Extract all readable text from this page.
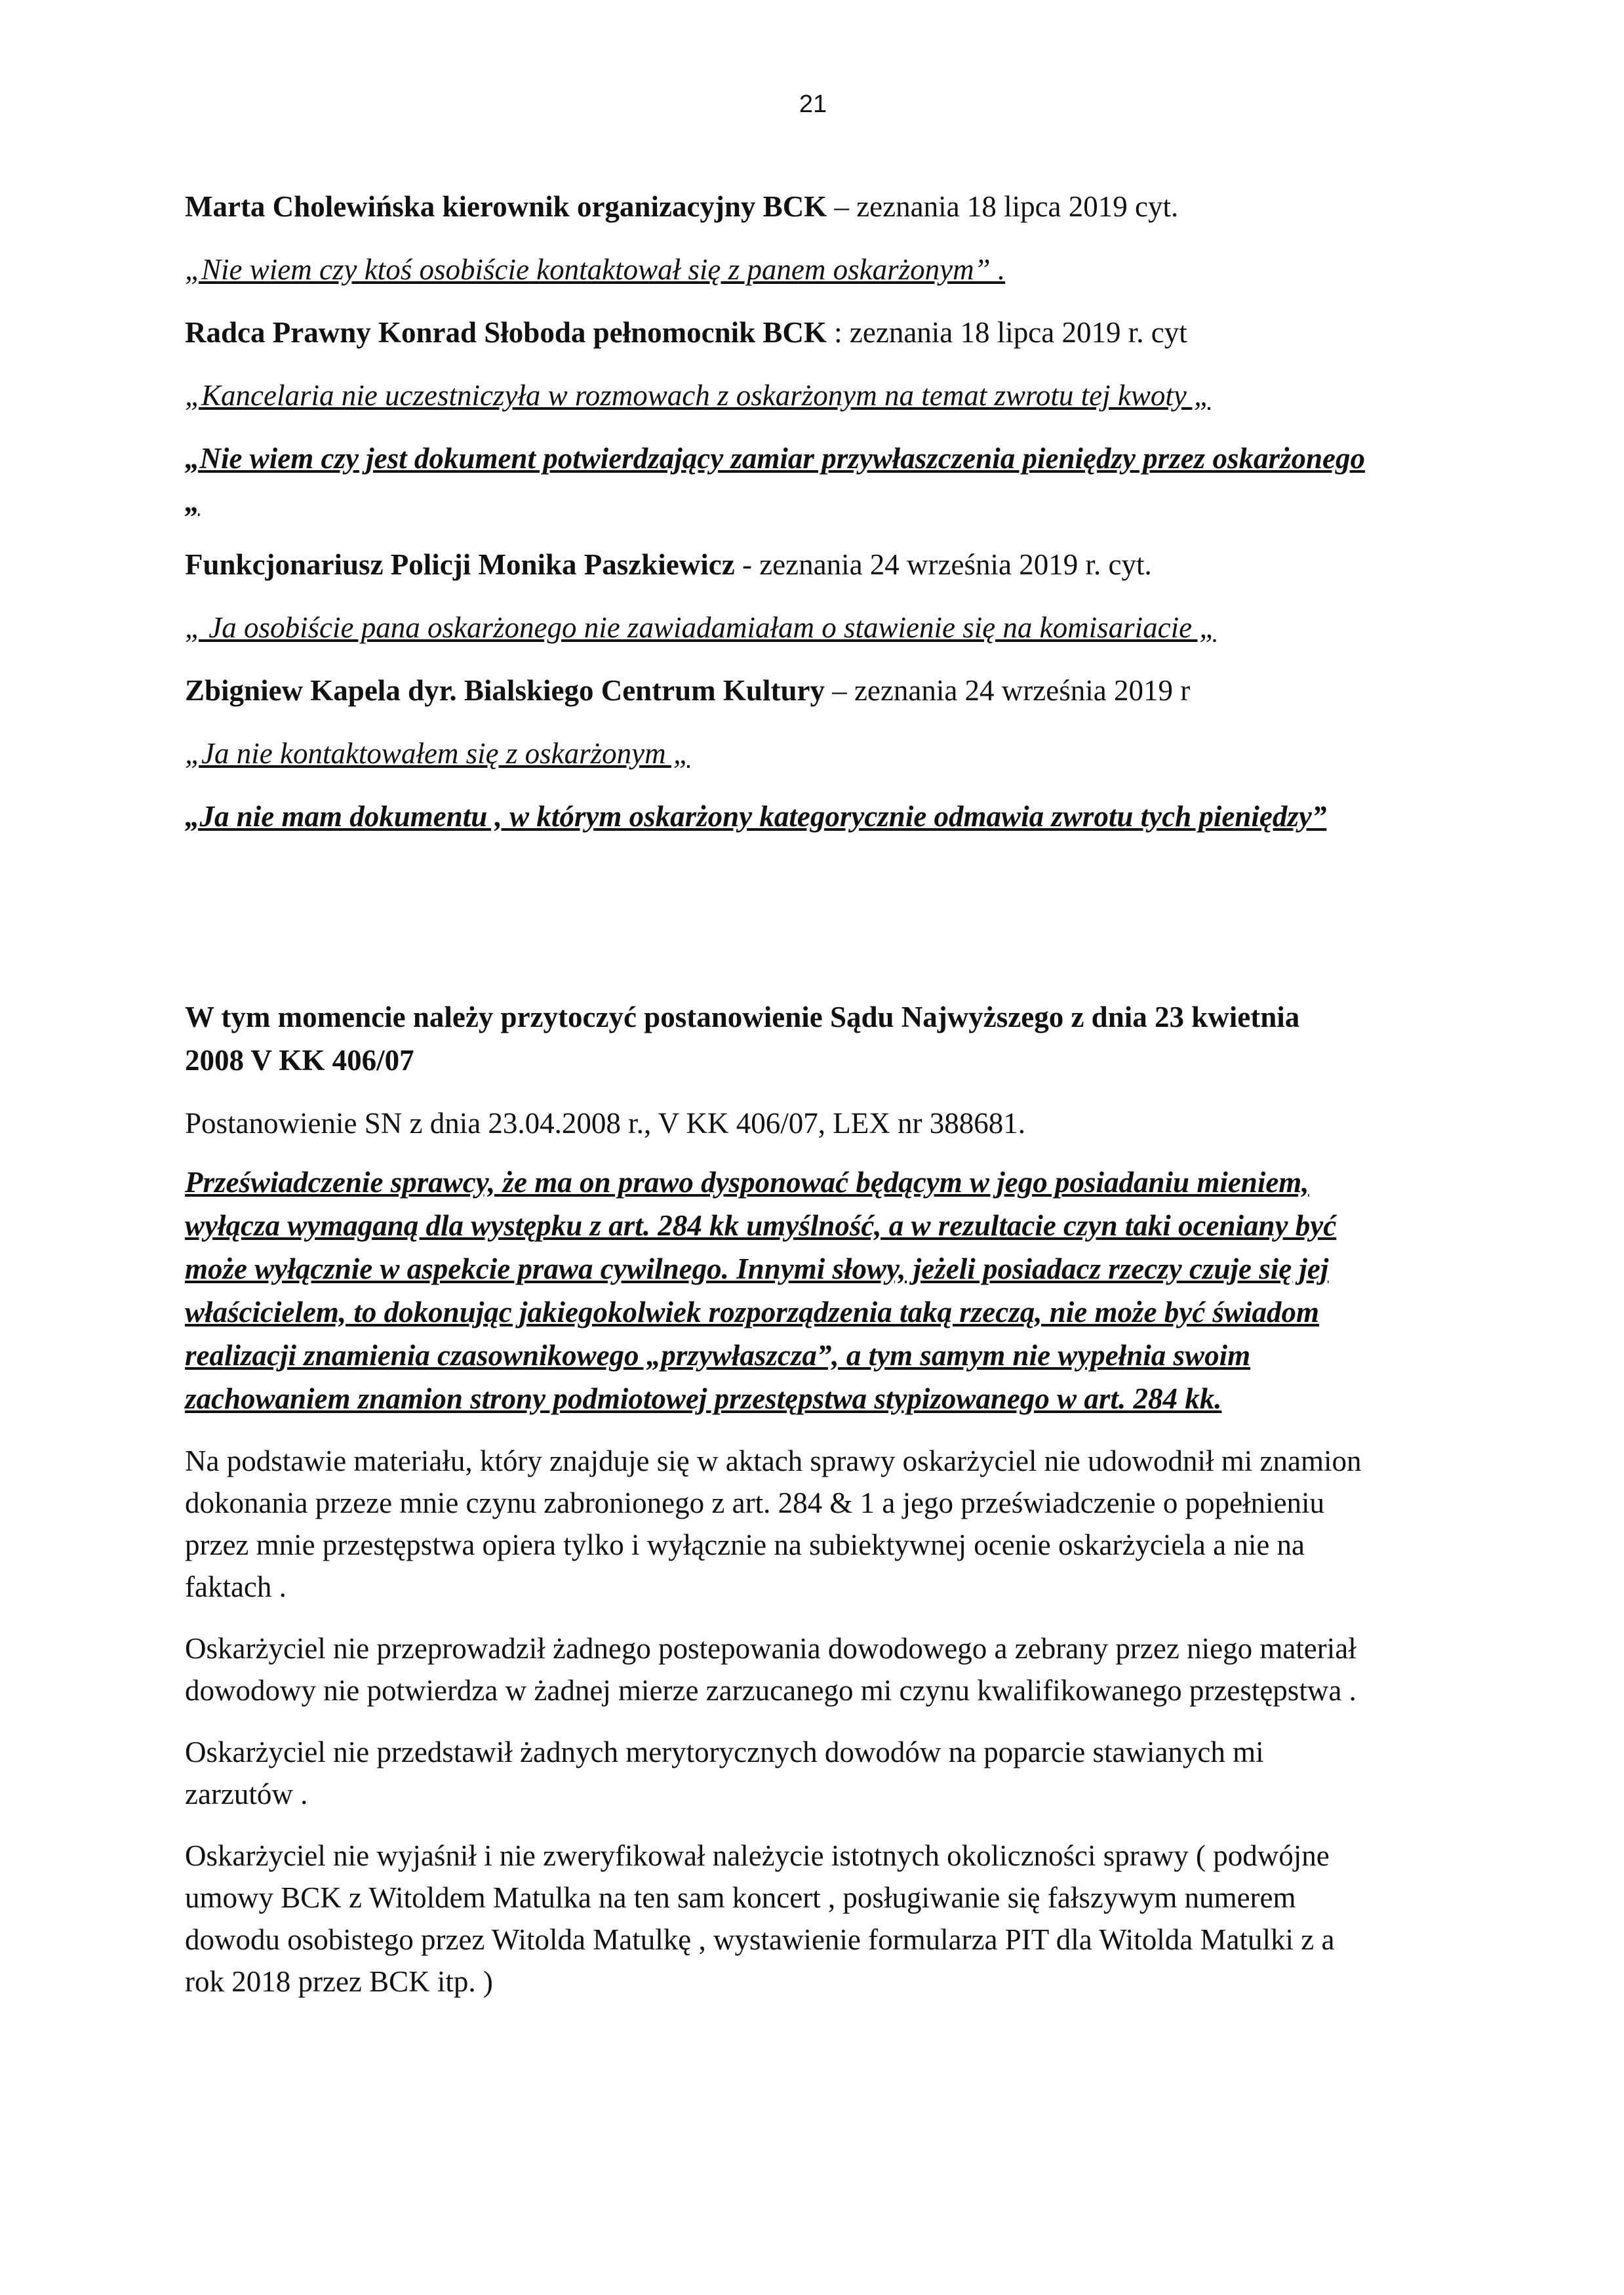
21

Marta Cholewińska kierownik organizacyjny BCK – zeznania 18 lipca 2019 cyt.

„Nie wiem czy ktoś osobiście kontaktował się z panem oskarżonym” .

Radca Prawny Konrad Słoboda pełnomocnik BCK : zeznania 18 lipca 2019 r. cyt

„Kancelaria nie uczestniczyła w rozmowach z oskarżonym na temat zwrotu tej kwoty „

„Nie wiem czy jest dokument potwierdzający zamiar przywłaszczenia pieniędzy przez oskarżonego „

Funkcjonariusz Policji Monika Paszkiewicz - zeznania 24 września 2019 r. cyt.

„ Ja osobiście pana oskarżonego nie zawiadamiałam o stawienie się na komisariacie „

Zbigniew Kapela dyr. Bialskiego Centrum Kultury – zeznania 24 września 2019 r

„Ja nie kontaktowałem się z oskarżonym „

„Ja nie mam dokumentu , w którym oskarżony kategorycznie odmawia zwrotu tych pieniędzy”

W tym momencie należy przytoczyć postanowienie Sądu Najwyższego z dnia 23 kwietnia 2008 V KK 406/07

Postanowienie SN z dnia 23.04.2008 r., V KK 406/07, LEX nr 388681.

Przeświadczenie sprawcy, że ma on prawo dysponować będącym w jego posiadaniu mieniem, wyłącza wymaganą dla występku z art. 284 kk umyślność, a w rezultacie czyn taki oceniany być może wyłącznie w aspekcie prawa cywilnego. Innymi słowy, jeżeli posiadacz rzeczy czuje się jej właścicielem, to dokonując jakiegokolwiek rozporządzenia taką rzeczą, nie może być świadom realizacji znamienia czasownikowego „przywłaszcza”, a tym samym nie wypełnia swoim zachowaniem znamion strony podmiotowej przestępstwa stypizowanego w art. 284 kk.

Na podstawie materiału, który znajduje się w aktach sprawy oskarżyciel nie udowodnił mi znamion dokonania przeze mnie czynu zabronionego z art. 284 & 1 a jego przeświadczenie o popełnieniu przez mnie przestępstwa opiera tylko i wyłącznie na subiektywnej ocenie oskarżyciela a nie na faktach .

Oskarżyciel nie przeprowadził żadnego postepowania dowodowego a zebrany przez niego materiał dowodowy nie potwierdza w żadnej mierze zarzucanego mi czynu kwalifikowanego przestępstwa .

Oskarżyciel nie przedstawił żadnych merytorycznych dowodów na poparcie stawianych mi zarzutów .

Oskarżyciel nie wyjaśnił i nie zweryfikował należycie istotnych okoliczności sprawy ( podwójne umowy BCK z Witoldem Matulka na ten sam koncert , posługiwanie się fałszywym numerem dowodu osobistego przez Witolda Matulkę , wystawienie formularza PIT dla Witolda Matulki z a rok 2018 przez BCK itp. )
